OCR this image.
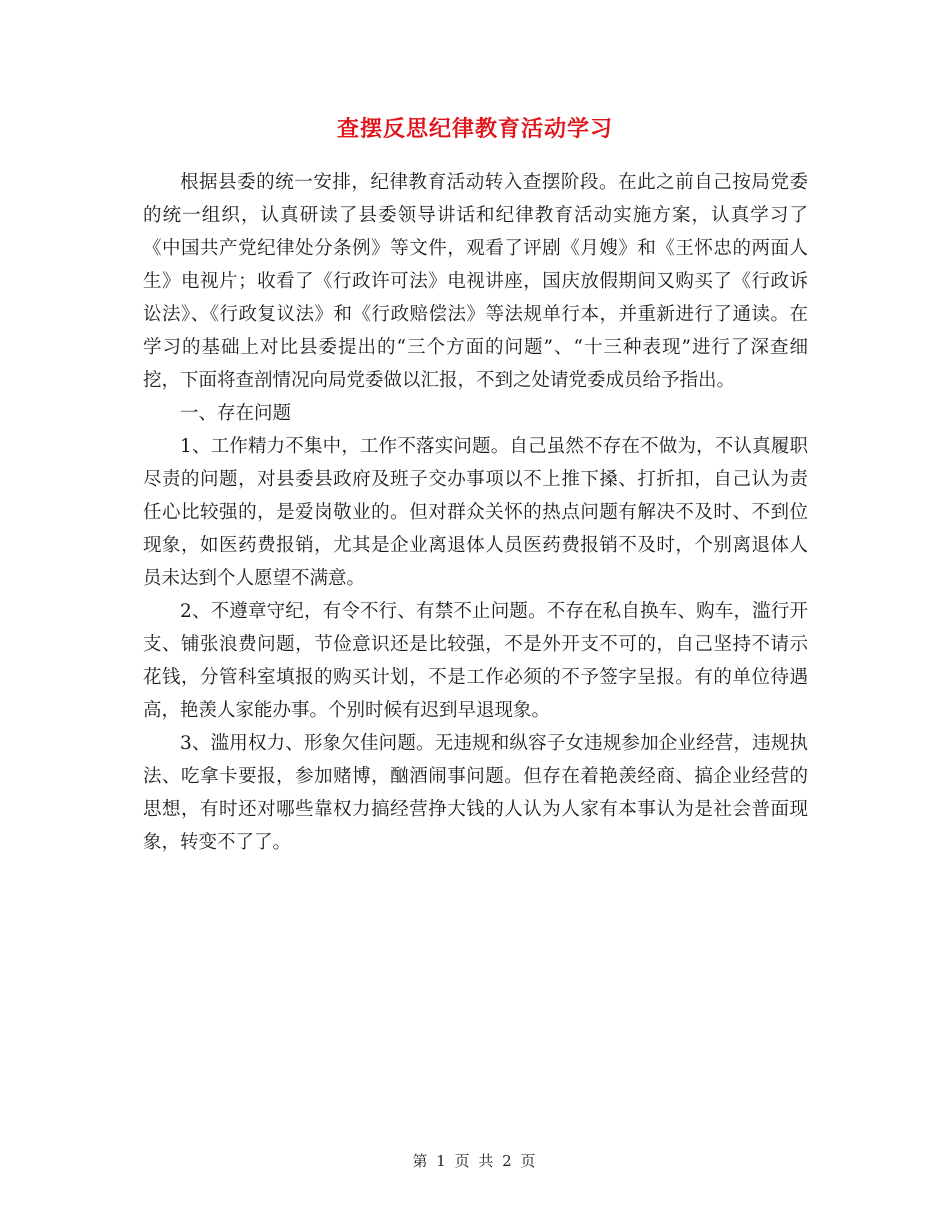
查摆反思纪律教育活动学习

根据县委的统一安排，纪律教育活动转入查摆阶段。在此之前自己按局党委的统一组织，认真研读了县委领导讲话和纪律教育活动实施方案，认真学习了《中国共产党纪律处分条例》等文件，观看了评剧《月嫂》和《王怀忠的两面人生》电视片；收看了《行政许可法》电视讲座，国庆放假期间又购买了《行政诉讼法》、《行政复议法》和《行政赔偿法》等法规单行本，并重新进行了通读。在学习的基础上对比县委提出的“三个方面的问题”、“十三种表现”进行了深查细挖，下面将查剖情况向局党委做以汇报，不到之处请党委成员给予指出。

一、存在问题

1、工作精力不集中，工作不落实问题。自己虽然不存在不做为，不认真履职尽责的问题，对县委县政府及班子交办事项以不上推下搡、打折扣，自己认为责任心比较强的，是爱岗敬业的。但对群众关怀的热点问题有解决不及时、不到位现象，如医药费报销，尤其是企业离退体人员医药费报销不及时，个别离退体人员未达到个人愿望不满意。

2、不遵章守纪，有令不行、有禁不止问题。不存在私自换车、购车，滥行开支、铺张浪费问题，节俭意识还是比较强，不是外开支不可的，自己坚持不请示花钱，分管科室填报的购买计划，不是工作必须的不予签字呈报。有的单位待遇高，艳羡人家能办事。个别时候有迟到早退现象。

3、滥用权力、形象欠佳问题。无违规和纵容子女违规参加企业经营，违规执法、吃拿卡要报，参加赌博，酗酒闹事问题。但存在着艳羡经商、搞企业经营的思想，有时还对哪些靠权力搞经营挣大钱的人认为人家有本事认为是社会普面现象，转变不了了。

第 1 页 共 2 页
